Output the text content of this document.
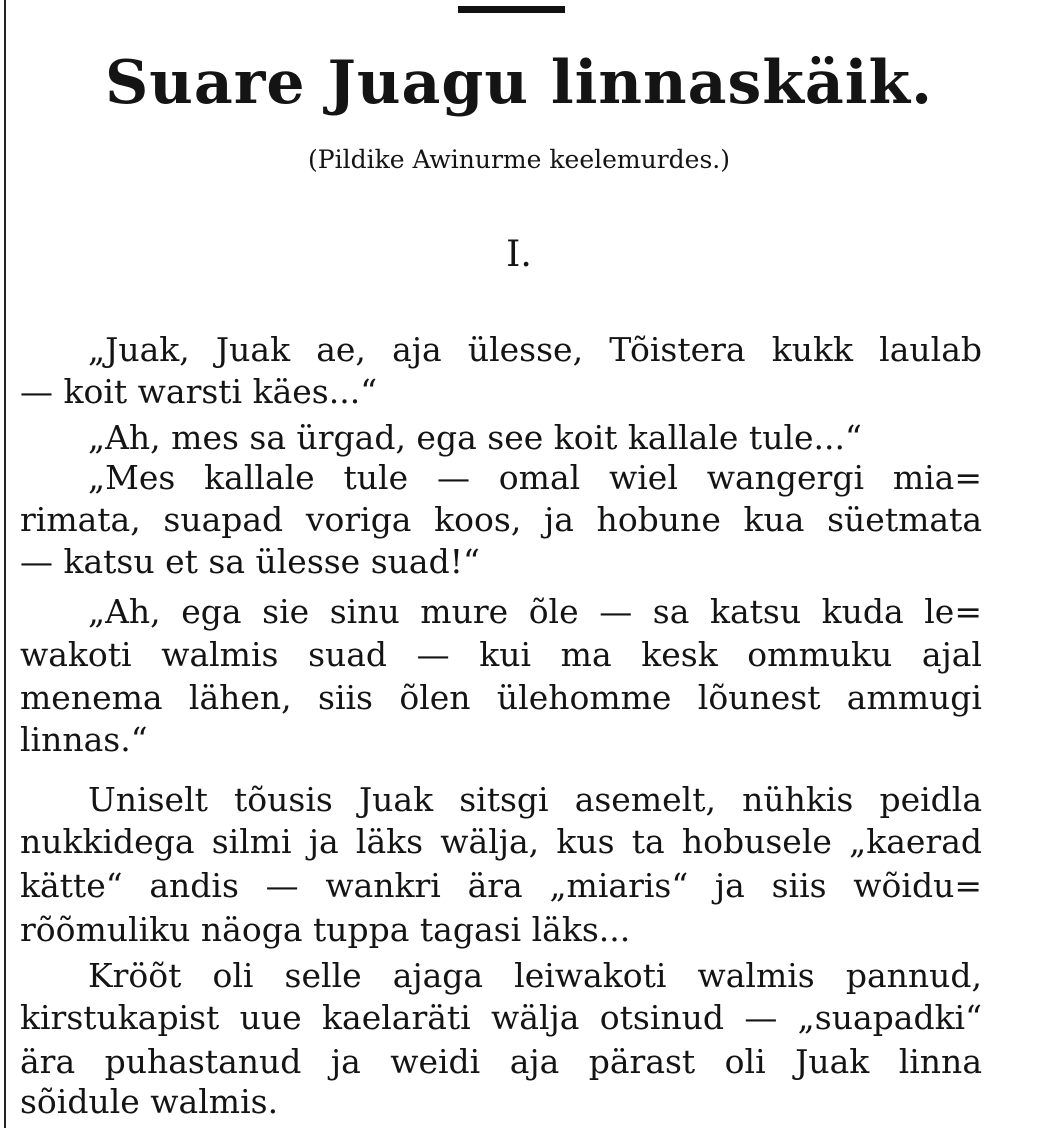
Suare Juagu linnaskäik.

(Pildike Awinurme keelemurdes.)

I.

„Juak, Juak ae, aja ülesse, Tõistera kukk laulab
— koit warsti käes...“
„Ah, mes sa ürgad, ega see koit kallale tule...“
„Mes kallale tule — omal wiel wangergi mia=
rimata, suapad voriga koos, ja hobune kua süetmata
— katsu et sa ülesse suad!“
„Ah, ega sie sinu mure õle — sa katsu kuda le=
wakoti walmis suad — kui ma kesk ommuku ajal
menema lähen, siis õlen ülehomme lõunest ammugi
linnas.“
Uniselt tõusis Juak sitsgi asemelt, nühkis peidla
nukkidega silmi ja läks wälja, kus ta hobusele „kaerad
kätte“ andis — wankri ära „miaris“ ja siis wõidu=
rõõmuliku näoga tuppa tagasi läks...
Kröõt oli selle ajaga leiwakoti walmis pannud,
kirstukapist uue kaelaräti wälja otsinud — „suapadki“
ära puhastanud ja weidi aja pärast oli Juak linna
sõidule walmis.
